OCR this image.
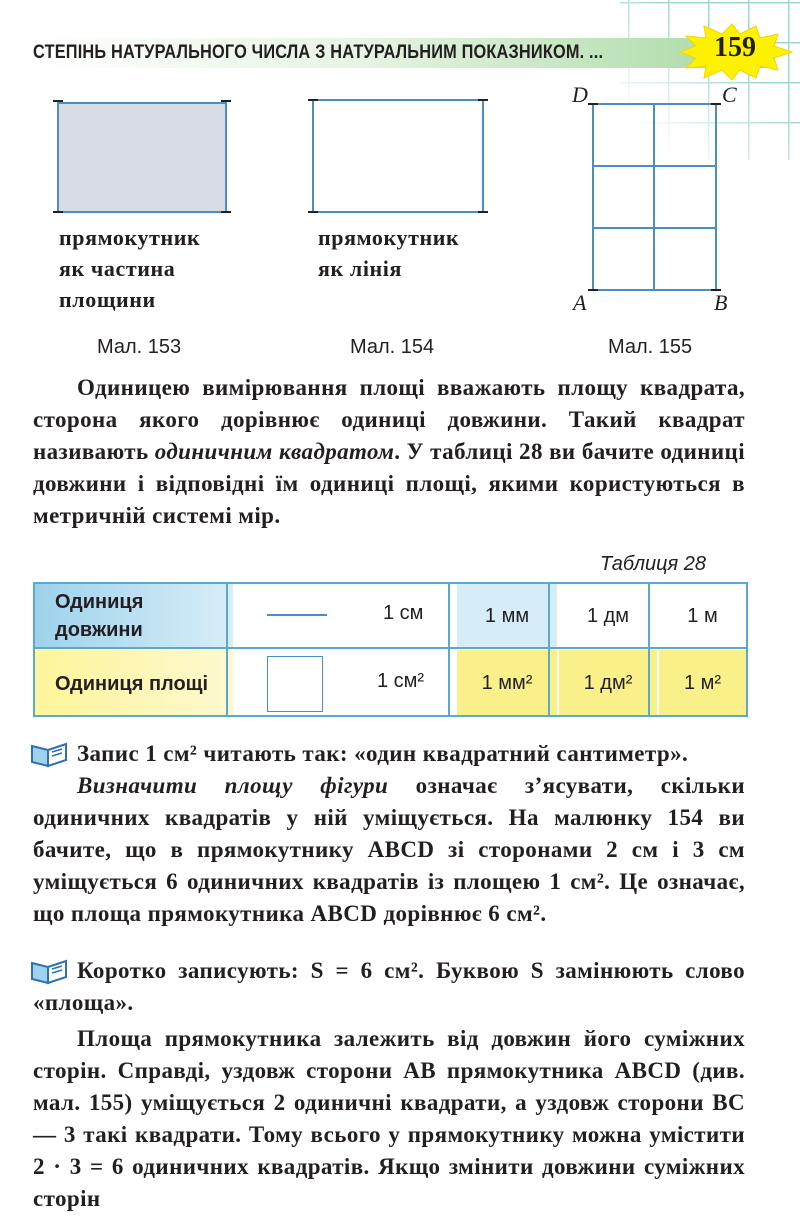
СТЕПІНЬ НАТУРАЛЬНОГО ЧИСЛА З НАТУРАЛЬНИМ ПОКАЗНИКОМ. ...	159
D	C
A	B
прямокутник
як частина
площини
прямокутник
як лінія
Мал. 153	Мал. 154	Мал. 155

Одиницею вимірювання площі вважають площу квадрата, сторона якого дорівнює одиниці довжини. Такий квадрат називають одиничним квадратом. У таблиці 28 ви бачите одиниці довжини і відповідні їм одиниці площі, якими користуються в метричній системі мір.

Таблиця 28
Одиниця довжини	1 см	1 мм	1 дм	1 м
Одиниця площі	1 см²	1 мм²	1 дм²	1 м²
Запис 1 см² читають так: «один квадратний сантиметр».

Визначити площу фігури означає з’ясувати, скільки одиничних квадратів у ній уміщується. На малюнку 154 ви бачите, що в прямокутнику ABCD зі сторонами 2 см і 3 см уміщується 6 одиничних квадратів із площею 1 см². Це означає, що площа прямокутника ABCD дорівнює 6 см².

Коротко записують: S = 6 см². Буквою S замінюють слово «площа».

Площа прямокутника залежить від довжин його суміжних сторін. Справді, уздовж сторони AB прямокутника ABCD (див. мал. 155) уміщується 2 одиничні квадрати, а уздовж сторони BC — 3 такі квадрати. Тому всього у прямокутнику можна умістити 2 · 3 = 6 одиничних квадратів. Якщо змінити довжини суміжних сторін
